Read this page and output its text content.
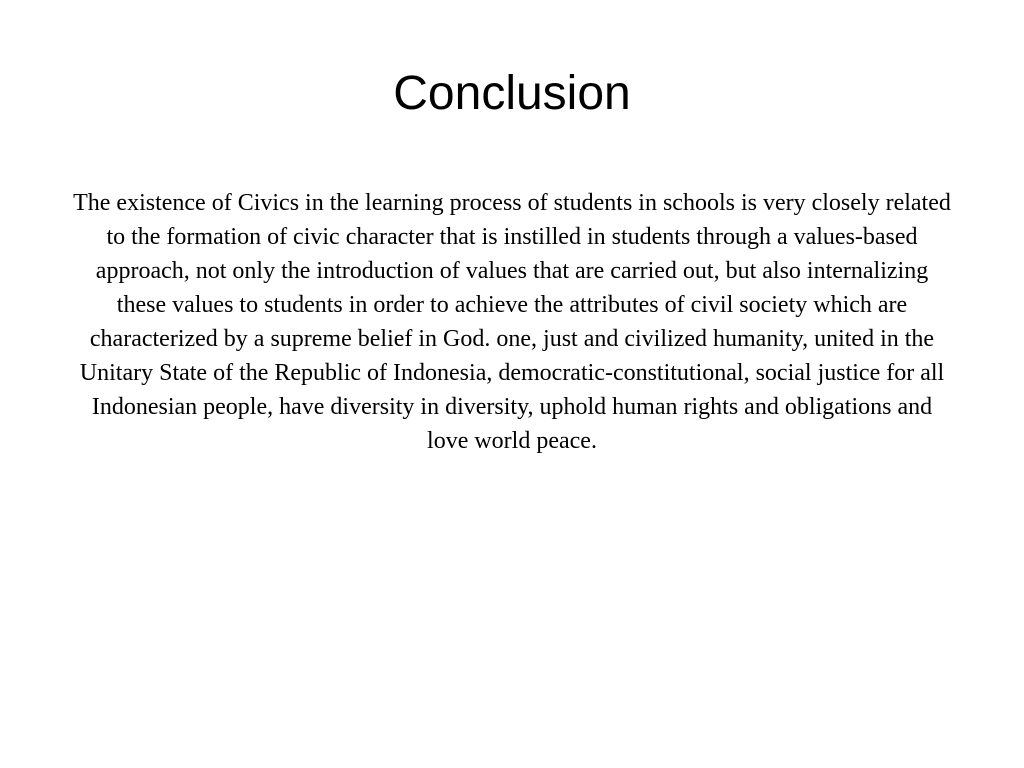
Conclusion

The existence of Civics in the learning process of students in schools is very closely related to the formation of civic character that is instilled in students through a values-based approach, not only the introduction of values that are carried out, but also internalizing these values to students in order to achieve the attributes of civil society which are characterized by a supreme belief in God. one, just and civilized humanity, united in the Unitary State of the Republic of Indonesia, democratic-constitutional, social justice for all Indonesian people, have diversity in diversity, uphold human rights and obligations and love world peace.
